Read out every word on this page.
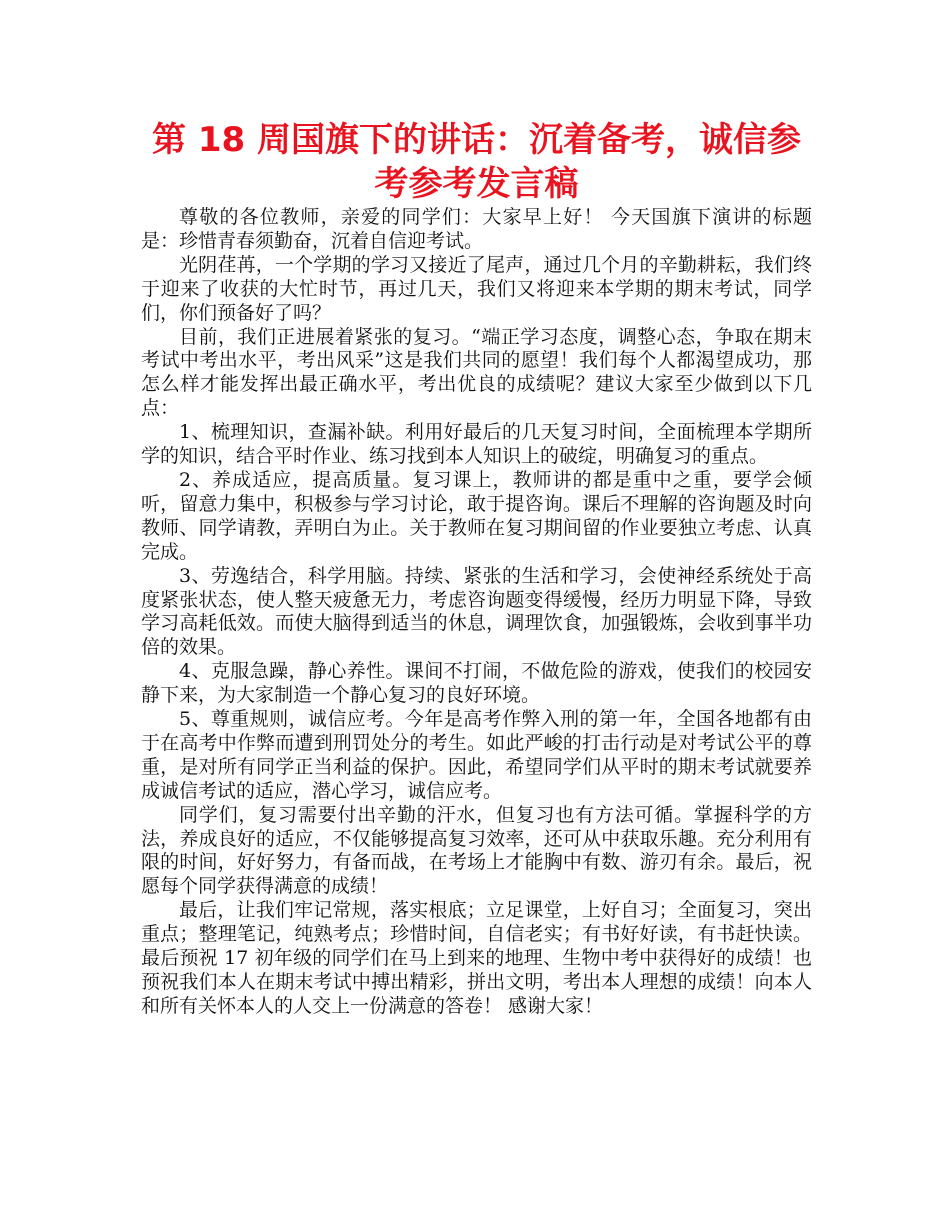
第 18 周国旗下的讲话：沉着备考，诚信参考参考发言稿

尊敬的各位教师，亲爱的同学们：大家早上好！ 今天国旗下演讲的标题是：珍惜青春须勤奋，沉着自信迎考试。

光阴荏苒，一个学期的学习又接近了尾声，通过几个月的辛勤耕耘，我们终于迎来了收获的大忙时节，再过几天，我们又将迎来本学期的期末考试，同学们，你们预备好了吗？

目前，我们正进展着紧张的复习。“端正学习态度，调整心态，争取在期末考试中考出水平，考出风采”这是我们共同的愿望！我们每个人都渴望成功，那怎么样才能发挥出最正确水平，考出优良的成绩呢？建议大家至少做到以下几点：

1、梳理知识，查漏补缺。利用好最后的几天复习时间，全面梳理本学期所学的知识，结合平时作业、练习找到本人知识上的破绽，明确复习的重点。

2、养成适应，提高质量。复习课上，教师讲的都是重中之重，要学会倾听，留意力集中，积极参与学习讨论，敢于提咨询。课后不理解的咨询题及时向教师、同学请教，弄明白为止。关于教师在复习期间留的作业要独立考虑、认真完成。

3、劳逸结合，科学用脑。持续、紧张的生活和学习，会使神经系统处于高度紧张状态，使人整天疲惫无力，考虑咨询题变得缓慢，经历力明显下降，导致学习高耗低效。而使大脑得到适当的休息，调理饮食，加强锻炼，会收到事半功倍的效果。

4、克服急躁，静心养性。课间不打闹，不做危险的游戏，使我们的校园安静下来，为大家制造一个静心复习的良好环境。

5、尊重规则，诚信应考。今年是高考作弊入刑的第一年，全国各地都有由于在高考中作弊而遭到刑罚处分的考生。如此严峻的打击行动是对考试公平的尊重，是对所有同学正当利益的保护。因此，希望同学们从平时的期末考试就要养成诚信考试的适应，潜心学习，诚信应考。

同学们，复习需要付出辛勤的汗水，但复习也有方法可循。掌握科学的方法，养成良好的适应，不仅能够提高复习效率，还可从中获取乐趣。充分利用有限的时间，好好努力，有备而战，在考场上才能胸中有数、游刃有余。最后，祝愿每个同学获得满意的成绩！

最后，让我们牢记常规，落实根底；立足课堂，上好自习；全面复习，突出重点；整理笔记，纯熟考点；珍惜时间，自信老实；有书好好读，有书赶快读。最后预祝 17 初年级的同学们在马上到来的地理、生物中考中获得好的成绩！也预祝我们本人在期末考试中搏出精彩，拼出文明，考出本人理想的成绩！向本人和所有关怀本人的人交上一份满意的答卷！ 感谢大家！
